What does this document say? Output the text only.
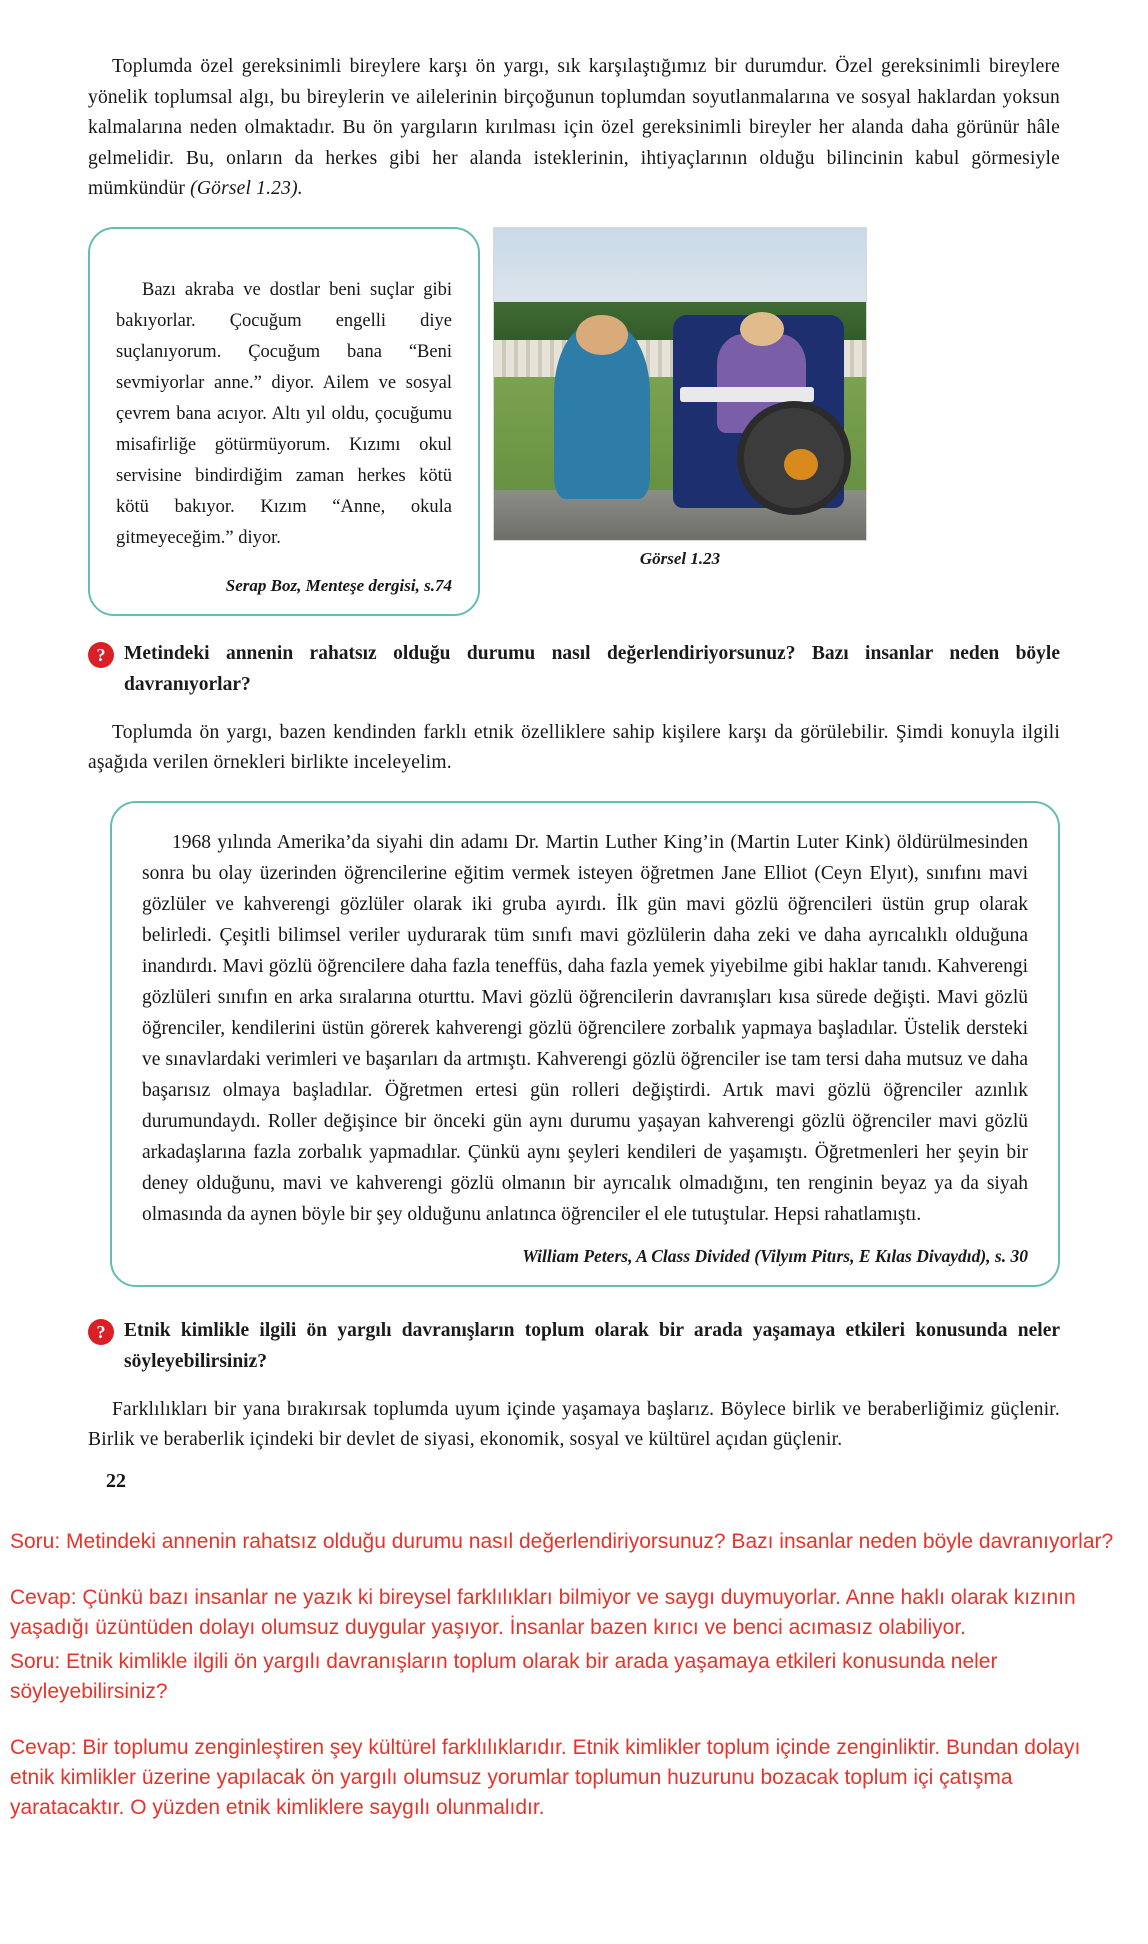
Toplumda özel gereksinimli bireylere karşı ön yargı, sık karşılaştığımız bir durumdur. Özel gereksinimli bireylere yönelik toplumsal algı, bu bireylerin ve ailelerinin birçoğunun toplumdan soyutlanmalarına ve sosyal haklardan yoksun kalmalarına neden olmaktadır. Bu ön yargıların kırılması için özel gereksinimli bireyler her alanda daha görünür hâle gelmelidir. Bu, onların da herkes gibi her alanda isteklerinin, ihtiyaçlarının olduğu bilincinin kabul görmesiyle mümkündür (Görsel 1.23).

Bazı akraba ve dostlar beni suçlar gibi bakıyorlar. Çocuğum engelli diye suçlanıyorum. Çocuğum bana “Beni sevmiyorlar anne.” diyor. Ailem ve sosyal çevrem bana acıyor. Altı yıl oldu, çocuğumu misafirliğe götürmüyorum. Kızımı okul servisine bindirdiğim zaman herkes kötü kötü bakıyor. Kızım “Anne, okula gitmeyeceğim.” diyor.

Serap Boz, Menteşe dergisi, s.74
Görsel 1.23
? Metindeki annenin rahatsız olduğu durumu nasıl değerlendiriyorsunuz? Bazı insanlar neden böyle davranıyorlar?

Toplumda ön yargı, bazen kendinden farklı etnik özelliklere sahip kişilere karşı da görülebilir. Şimdi konuyla ilgili aşağıda verilen örnekleri birlikte inceleyelim.

1968 yılında Amerika’da siyahi din adamı Dr. Martin Luther King’in (Martin Luter Kink) öldürülmesinden sonra bu olay üzerinden öğrencilerine eğitim vermek isteyen öğretmen Jane Elliot (Ceyn Elyıt), sınıfını mavi gözlüler ve kahverengi gözlüler olarak iki gruba ayırdı. İlk gün mavi gözlü öğrencileri üstün grup olarak belirledi. Çeşitli bilimsel veriler uydurarak tüm sınıfı mavi gözlülerin daha zeki ve daha ayrıcalıklı olduğuna inandırdı. Mavi gözlü öğrencilere daha fazla teneffüs, daha fazla yemek yiyebilme gibi haklar tanıdı. Kahverengi gözlüleri sınıfın en arka sıralarına oturttu. Mavi gözlü öğrencilerin davranışları kısa sürede değişti. Mavi gözlü öğrenciler, kendilerini üstün görerek kahverengi gözlü öğrencilere zorbalık yapmaya başladılar. Üstelik dersteki ve sınavlardaki verimleri ve başarıları da artmıştı. Kahverengi gözlü öğrenciler ise tam tersi daha mutsuz ve daha başarısız olmaya başladılar. Öğretmen ertesi gün rolleri değiştirdi. Artık mavi gözlü öğrenciler azınlık durumundaydı. Roller değişince bir önceki gün aynı durumu yaşayan kahverengi gözlü öğrenciler mavi gözlü arkadaşlarına fazla zorbalık yapmadılar. Çünkü aynı şeyleri kendileri de yaşamıştı. Öğretmenleri her şeyin bir deney olduğunu, mavi ve kahverengi gözlü olmanın bir ayrıcalık olmadığını, ten renginin beyaz ya da siyah olmasında da aynen böyle bir şey olduğunu anlatınca öğrenciler el ele tutuştular. Hepsi rahatlamıştı.

William Peters, A Class Divided (Vilyım Pitırs, E Kılas Divaydıd), s. 30
? Etnik kimlikle ilgili ön yargılı davranışların toplum olarak bir arada yaşamaya etkileri konusunda neler söyleyebilirsiniz?

Farklılıkları bir yana bırakırsak toplumda uyum içinde yaşamaya başlarız. Böylece birlik ve beraberliğimiz güçlenir. Birlik ve beraberlik içindeki bir devlet de siyasi, ekonomik, sosyal ve kültürel açıdan güçlenir.

22

Soru: Metindeki annenin rahatsız olduğu durumu nasıl değerlendiriyorsunuz? Bazı insanlar neden böyle davranıyorlar?

Cevap: Çünkü bazı insanlar ne yazık ki bireysel farklılıkları bilmiyor ve saygı duymuyorlar. Anne haklı olarak kızının yaşadığı üzüntüden dolayı olumsuz duygular yaşıyor. İnsanlar bazen kırıcı ve benci acımasız olabiliyor.

Soru: Etnik kimlikle ilgili ön yargılı davranışların toplum olarak bir arada yaşamaya etkileri konusunda neler söyleyebilirsiniz?

Cevap: Bir toplumu zenginleştiren şey kültürel farklılıklarıdır. Etnik kimlikler toplum içinde zenginliktir. Bundan dolayı etnik kimlikler üzerine yapılacak ön yargılı olumsuz yorumlar toplumun huzurunu bozacak toplum içi çatışma yaratacaktır. O yüzden etnik kimliklere saygılı olunmalıdır.
